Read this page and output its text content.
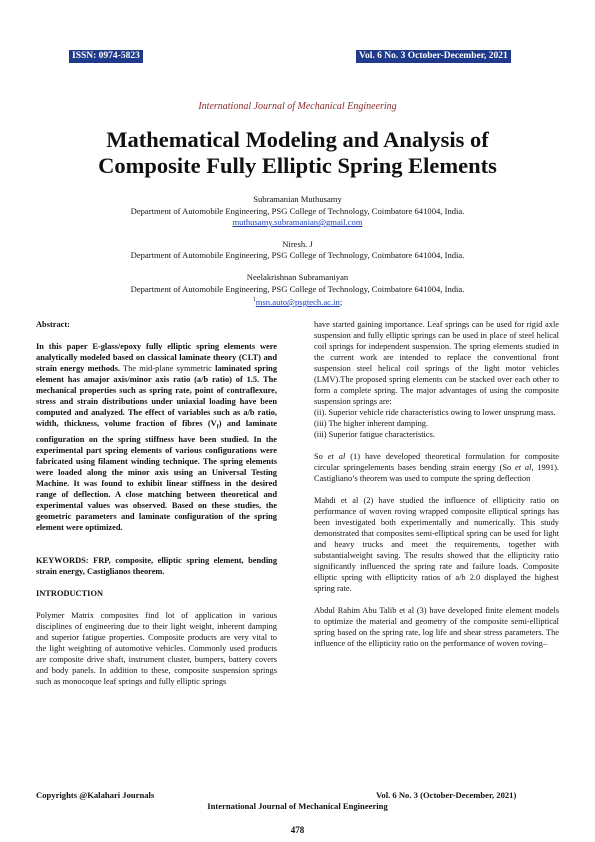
ISSN: 0974-5823	Vol. 6 No. 3 October-December, 2021
International Journal of Mechanical Engineering
Mathematical Modeling and Analysis of
Composite Fully Elliptic Spring Elements
Subramanian Muthusamy
Department of Automobile Engineering, PSG College of Technology, Coimbatore 641004, India.
muthusamy.subramanian@gmail.com
Niresh. J
Department of Automobile Engineering, PSG College of Technology, Coimbatore 641004, India.
Neelakrishnan Subramaniyan
Department of Automobile Engineering, PSG College of Technology, Coimbatore 641004, India.
$^1$msn.auto@psgtech.ac.in;

Abstract:

In this paper E-glass/epoxy fully elliptic spring elements were analytically modeled based on classical laminate theory (CLT) and strain energy methods. The mid-plane symmetric laminated spring element has amajor axis/minor axis ratio (a/b ratio) of 1.5. The mechanical properties such as spring rate, point of contraflexure, stress and strain distributions under uniaxial loading have been computed and analyzed. The effect of variables such as a/b ratio, width, thickness, volume fraction of fibres $(V_f)$ and laminate configuration on the spring stiffness have been studied. In the experimental part spring elements of various configurations were fabricated using filament winding technique. The spring elements were loaded along the minor axis using an Universal Testing Machine. It was found to exhibit linear stiffness in the desired range of deflection. A close matching between theoretical and experimental values was observed. Based on these studies, the geometric parameters and laminate configuration of the spring element were optimized.

KEYWORDS: FRP, composite, elliptic spring element, bending strain energy, Castiglianos theorem.

INTRODUCTION

Polymer Matrix composites find lot of application in various disciplines of engineering due to their light weight, inherent damping and superior fatigue properties. Composite products are very vital to the light weighting of automotive vehicles. Commonly used products are composite drive shaft, instrument cluster, bumpers, battery covers and body panels. In addition to these, composite suspension springs such as monocoque leaf springs and fully elliptic springs

have started gaining importance. Leaf springs can be used for rigid axle suspension and fully elliptic springs can be used in place of steel helical coil springs for independent suspension. The spring elements studied in the current work are intended to replace the conventional front suspension steel helical coil springs of the light motor vehicles (LMV).The proposed spring elements can be stacked over each other to form a complete spring. The major advantages of using the composite suspension springs are:

(ii). Superior vehicle ride characteristics owing to lower unsprung mass.

(iii) The higher inherent damping.

(iii) Superior fatigue characteristics.

So et al (1) have developed theoretical formulation for composite circular springelements bases bending strain energy (So et al, 1991). Castigliano’s theorem was used to compute the spring deflection

Mahdi et al (2) have studied the influence of ellipticity ratio on performance of woven roving wrapped composite elliptical springs has been investigated both experimentally and numerically. This study demonstrated that composites semi-elliptical spring can be used for light and heavy trucks and meet the requirements, together with substantialweight saving. The results showed that the ellipticity ratio significantly influenced the spring rate and failure loads. Composite elliptic spring with ellipticity ratios of a/b 2.0 displayed the highest spring rate.

Abdul Rahim Abu Talib et al (3) have developed finite element models to optimize the material and geometry of the composite semi-elliptical spring based on the spring rate, log life and shear stress parameters. The influence of the ellipticity ratio on the performance of woven roving–

Copyrights @Kalahari Journals	Vol. 6 No. 3 (October-December, 2021)
International Journal of Mechanical Engineering
478
